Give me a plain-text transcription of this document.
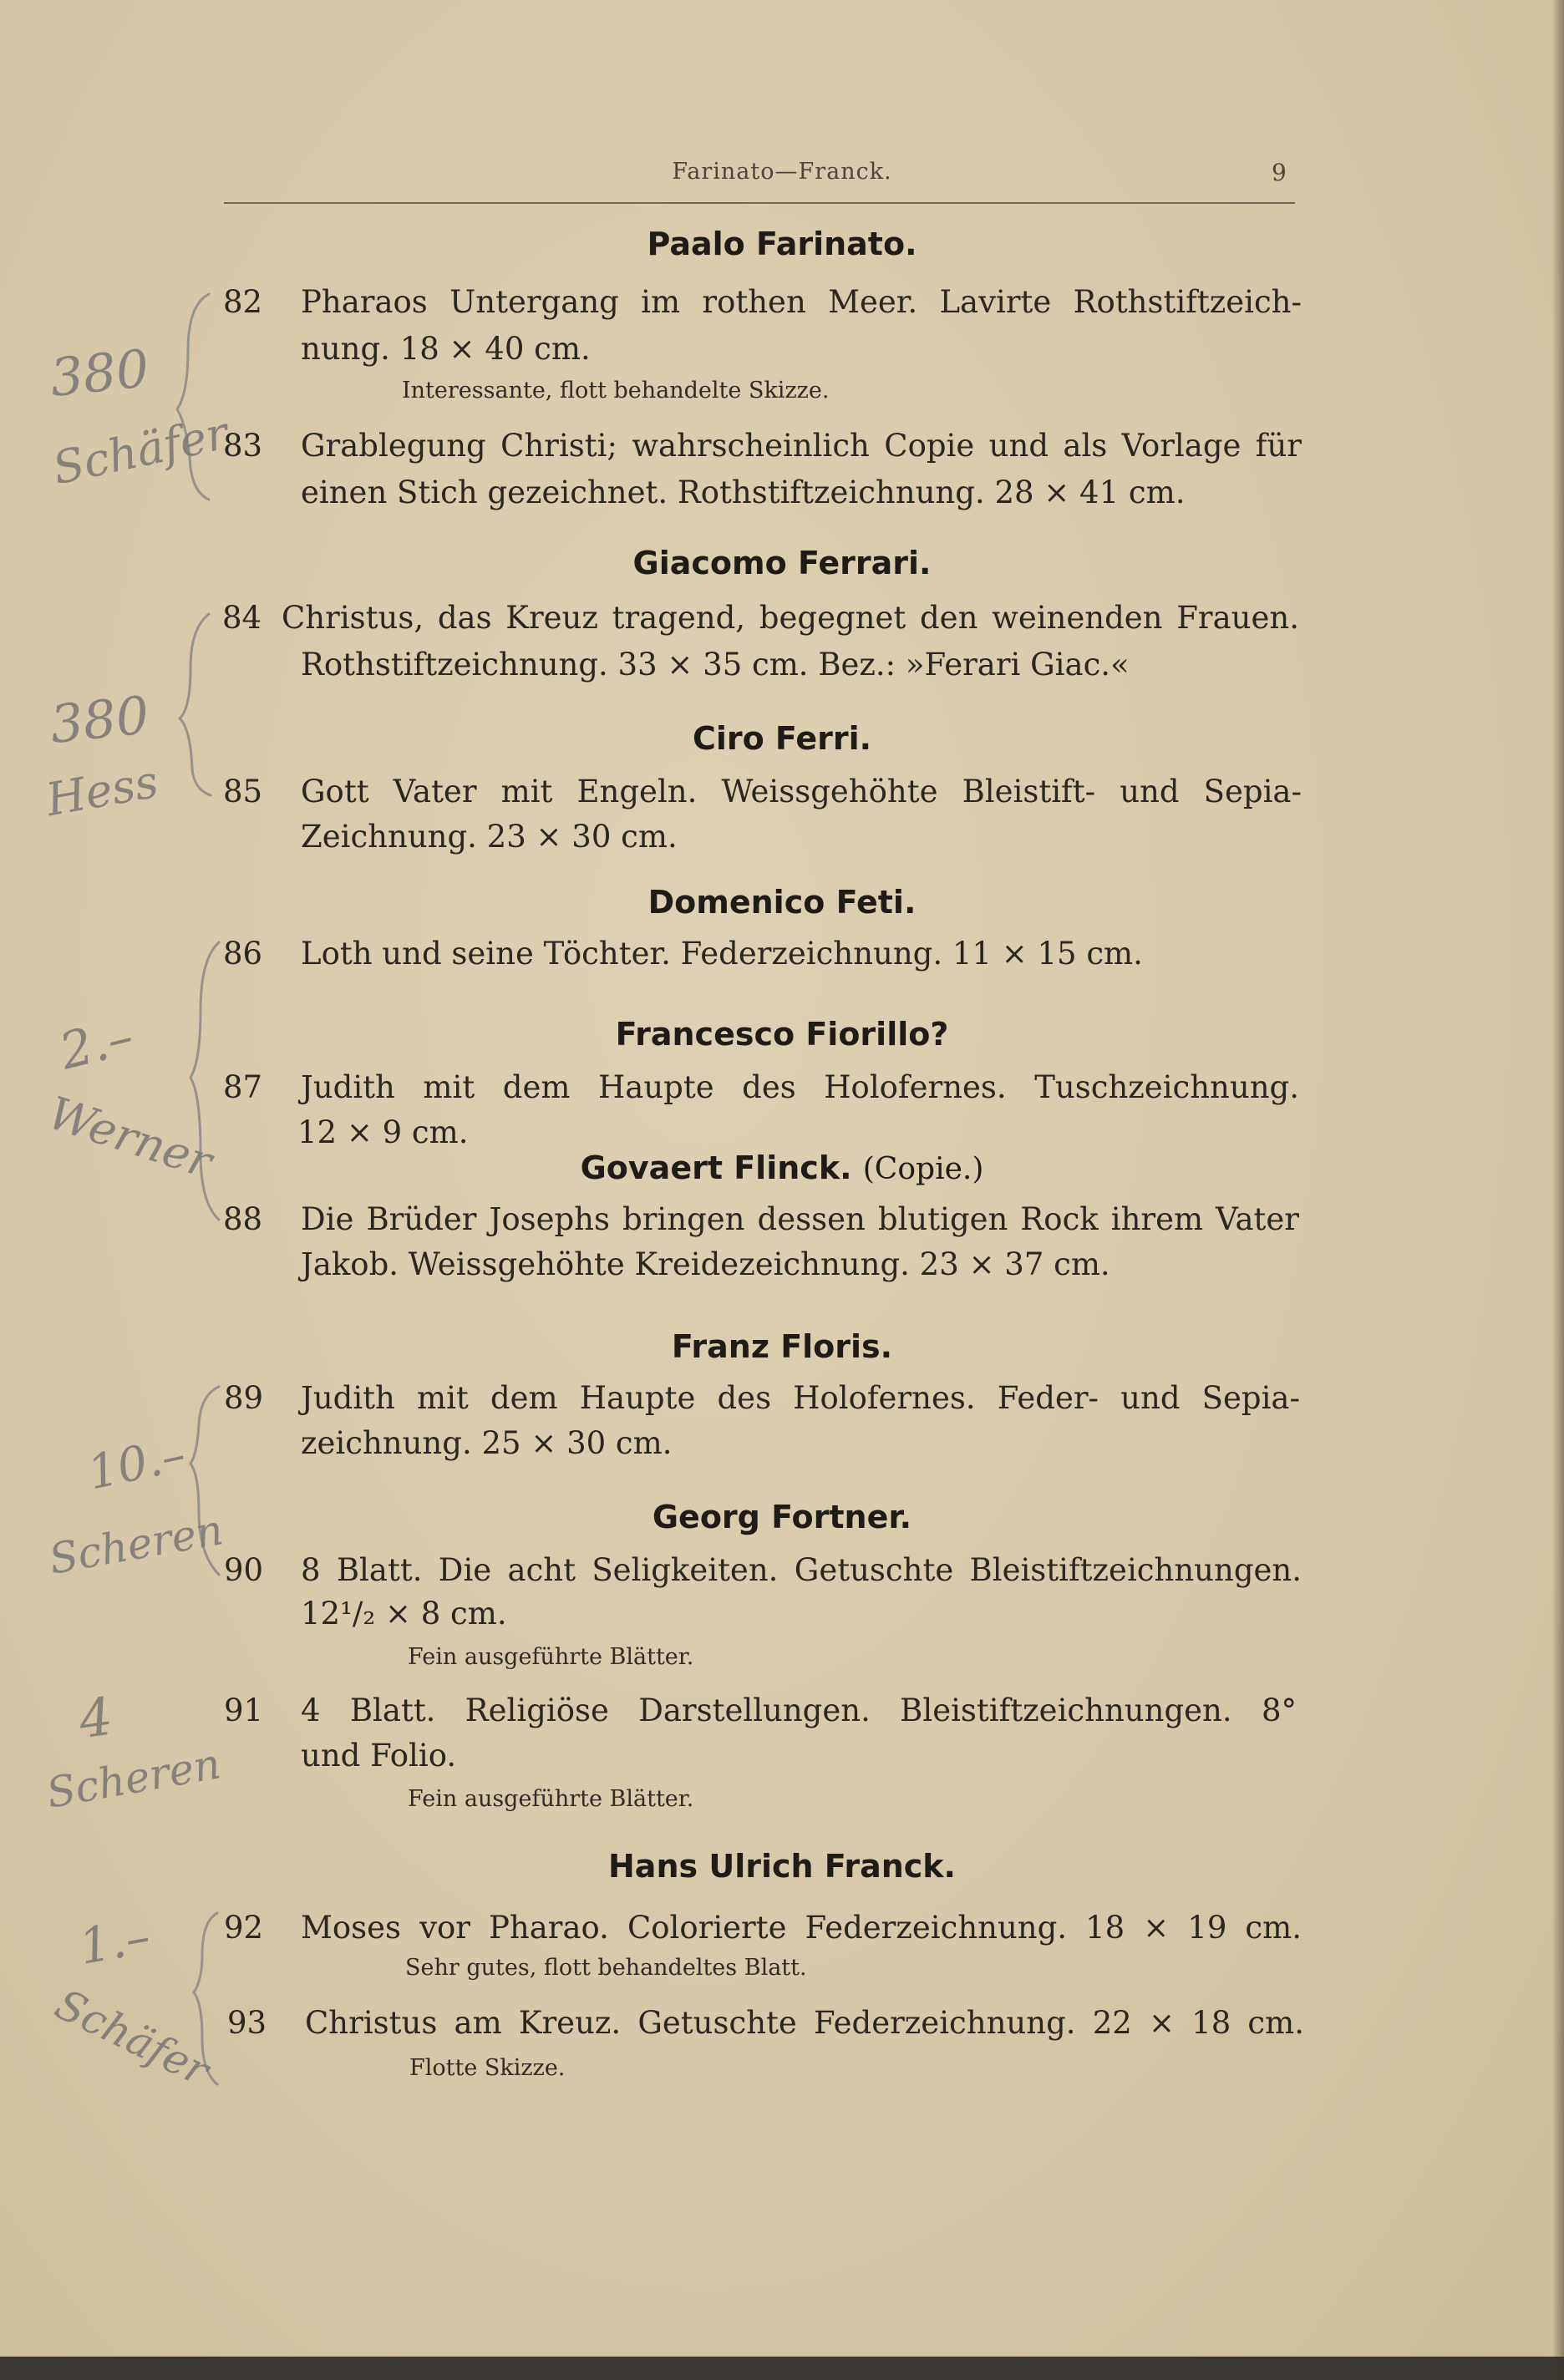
Farinato—Franck.	9
Paalo Farinato.
82 Pharaos Untergang im rothen Meer. Lavirte Rothstiftzeich-
nung. 18 × 40 cm.
Interessante, flott behandelte Skizze.
83 Grablegung Christi; wahrscheinlich Copie und als Vorlage für
einen Stich gezeichnet. Rothstiftzeichnung. 28 × 41 cm.
Giacomo Ferrari.
84 Christus, das Kreuz tragend, begegnet den weinenden Frauen.
Rothstiftzeichnung. 33 × 35 cm. Bez.: »Ferari Giac.«
Ciro Ferri.
85 Gott Vater mit Engeln. Weissgehöhte Bleistift- und Sepia-
Zeichnung. 23 × 30 cm.
Domenico Feti.
86 Loth und seine Töchter. Federzeichnung. 11 × 15 cm.
Francesco Fiorillo?
87 Judith mit dem Haupte des Holofernes. Tuschzeichnung.
12 × 9 cm.
Govaert Flinck. (Copie.)
88 Die Brüder Josephs bringen dessen blutigen Rock ihrem Vater
Jakob. Weissgehöhte Kreidezeichnung. 23 × 37 cm.
Franz Floris.
89 Judith mit dem Haupte des Holofernes. Feder- und Sepia-
zeichnung. 25 × 30 cm.
Georg Fortner.
90 8 Blatt. Die acht Seligkeiten. Getuschte Bleistiftzeichnungen.
12¹/₂ × 8 cm.
Fein ausgeführte Blätter.
91 4 Blatt. Religiöse Darstellungen. Bleistiftzeichnungen. 8°
und Folio.
Fein ausgeführte Blätter.
Hans Ulrich Franck.
92 Moses vor Pharao. Colorierte Federzeichnung. 18 × 19 cm.
Sehr gutes, flott behandeltes Blatt.
93 Christus am Kreuz. Getuschte Federzeichnung. 22 × 18 cm.
Flotte Skizze.
380
Schäfer
380
Hess
2.–
Werner
10.–
Scheren
4
Scheren
1.–
Schäfer
